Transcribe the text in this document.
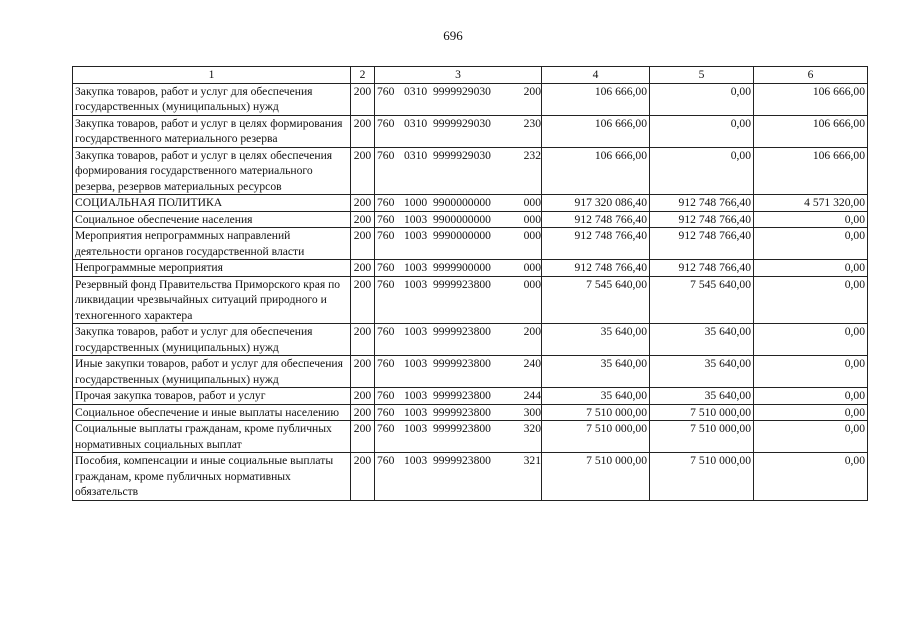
696
1	2	3	4	5	6
Закупка товаров, работ и услуг для обеспечения государственных (муниципальных) нужд	200	760 0310 9999929030 200	106 666,00	0,00	106 666,00
Закупка товаров, работ и услуг в целях формирования государственного материального резерва	200	760 0310 9999929030 230	106 666,00	0,00	106 666,00
Закупка товаров, работ и услуг в целях обеспечения формирования государственного материального резерва, резервов материальных ресурсов	200	760 0310 9999929030 232	106 666,00	0,00	106 666,00
СОЦИАЛЬНАЯ ПОЛИТИКА	200	760 1000 9900000000 000	917 320 086,40	912 748 766,40	4 571 320,00
Социальное обеспечение населения	200	760 1003 9900000000 000	912 748 766,40	912 748 766,40	0,00
Мероприятия непрограммных направлений деятельности органов государственной власти	200	760 1003 9990000000 000	912 748 766,40	912 748 766,40	0,00
Непрограммные мероприятия	200	760 1003 9999900000 000	912 748 766,40	912 748 766,40	0,00
Резервный фонд Правительства Приморского края по ликвидации чрезвычайных ситуаций природного и техногенного характера	200	760 1003 9999923800 000	7 545 640,00	7 545 640,00	0,00
Закупка товаров, работ и услуг для обеспечения государственных (муниципальных) нужд	200	760 1003 9999923800 200	35 640,00	35 640,00	0,00
Иные закупки товаров, работ и услуг для обеспечения государственных (муниципальных) нужд	200	760 1003 9999923800 240	35 640,00	35 640,00	0,00
Прочая закупка товаров, работ и услуг	200	760 1003 9999923800 244	35 640,00	35 640,00	0,00
Социальное обеспечение и иные выплаты населению	200	760 1003 9999923800 300	7 510 000,00	7 510 000,00	0,00
Социальные выплаты гражданам, кроме публичных нормативных социальных выплат	200	760 1003 9999923800 320	7 510 000,00	7 510 000,00	0,00
Пособия, компенсации и иные социальные выплаты гражданам, кроме публичных нормативных обязательств	200	760 1003 9999923800 321	7 510 000,00	7 510 000,00	0,00
